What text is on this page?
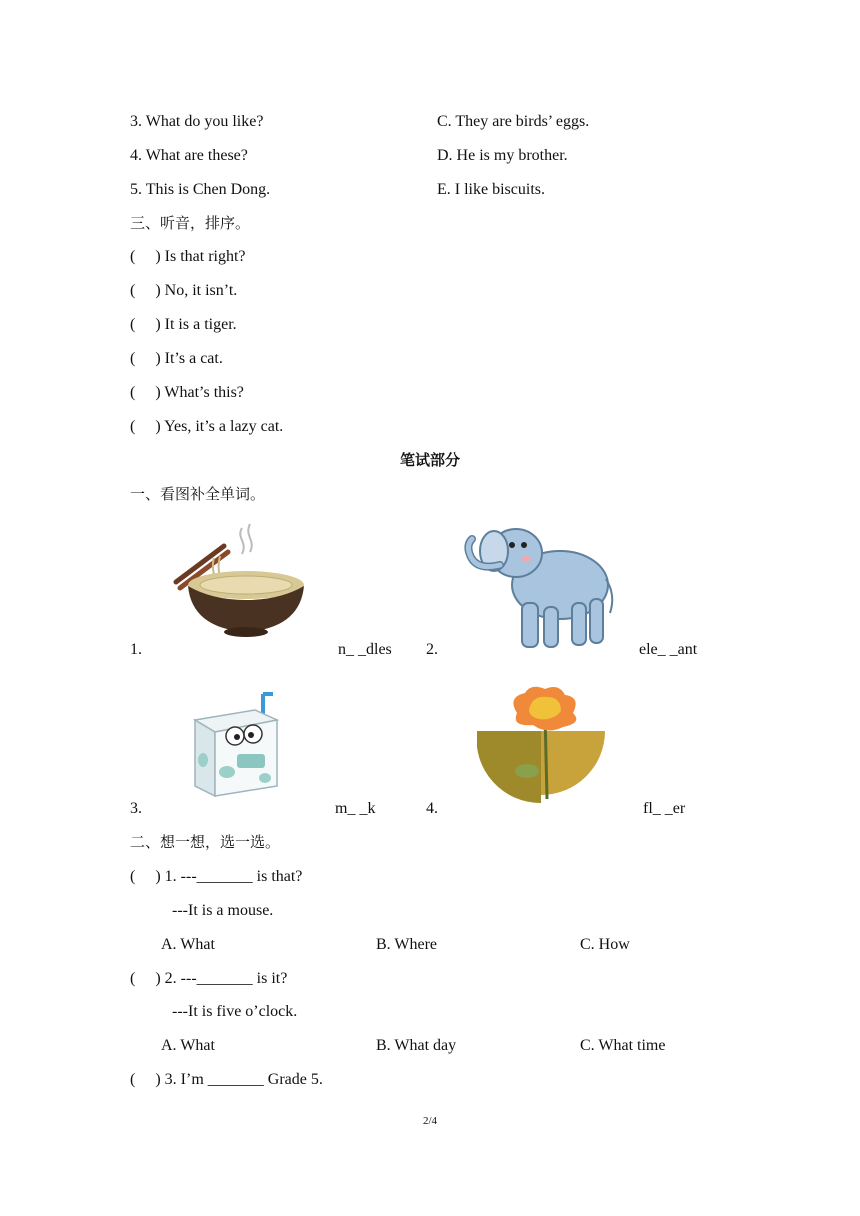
3. What do you like?	C. They are birds’ eggs.
4. What are these?	D. He is my brother.
5. This is Chen Dong.	E. I like biscuits.
三、听音，排序。
(     ) Is that right?
(     ) No, it isn’t.
(     ) It is a tiger.
(     ) It’s a cat.
(     ) What’s this?
(     ) Yes, it’s a lazy cat.
笔试部分
一、看图补全单词。
1.	n_ _dles 2.	ele_ _ant
3.	m_ _k	4.	fl_ _er
二、想一想，选一选。
(     ) 1. ---_______ is that?
---It is a mouse.
A. What	B. Where	C. How
(     ) 2. ---_______ is it?
---It is five o’clock.
A. What	B. What day	C. What time
(     ) 3. I’m _______ Grade 5.
2/4
